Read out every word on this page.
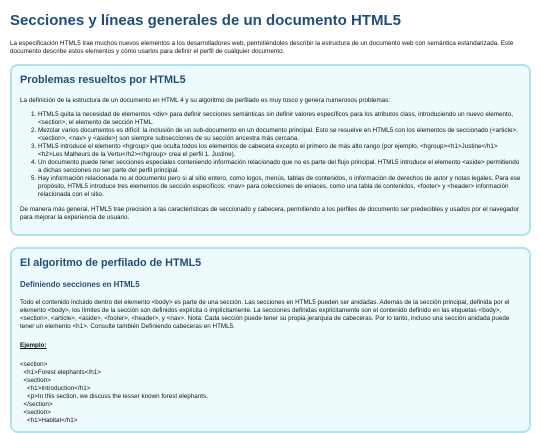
Secciones y líneas generales de un documento HTML5

La especificación HTML5 trae muchos nuevos elementos a los desarrolladores web, permitiéndoles describir la estructura de un documento web con semántica estandarizada. Este documento describe estos elementos y cómo usarlos para definir el perfil de cualquier documento.

Problemas resueltos por HTML5

La definición de la estructura de un documento en HTML 4 y su algoritmo de perfilado es muy tosco y genera numerosos problemas:

1. HTML5 quita la necesidad de elementos <div> para definir secciones semánticas sin definir valores específicos para los atributos class, introduciendo un nuevo elemento, <section>, el elemento de sección HTML.
2. Mezclar varios documentos es difícil: la inclusión de un sub-documento en un documento principal. Esto se resuelve en HTML5 con los elementos de seccionado (<article>, <section>, <nav> y <aside>) son siempre subsecciones de su sección ancestra más cercana.
3. HTML5 introduce el elemento <hgroup> que oculta todos los elementos de cabecera excepto el primero de más alto rango (por ejemplo, <hgroup><h1>Justine</h1><h2>Les Malheurs de la Vertu</h2></hgroup> crea el perfil 1. Justine).
4. Un documento puede tener secciones especiales conteniendo información relacionado que no es parte del flujo principal. HTML5 introduce el elemento <aside> permitiendo a dichas secciones no ser parte del perfil principal.
5. Hay información relacionada no al documento pero si al sitio entero, como logos, menús, tablas de contenidos, o información de derechos de autor y notas legales. Para ese propósito, HTML5 introduce tres elementos de sección específicos: <nav> para colecciones de enlaces, como una tabla de contenidos, <footer> y <header> información relacionada con el sitio.

De manera más general, HTML5 trae precisión a las características de seccionado y cabecera, permitiendo a los perfiles de documento ser predecibles y usados por el navegador para mejorar la experiencia de usuario.

El algoritmo de perfilado de HTML5
Definiendo secciones en HTML5

Todo el contenido incluido dentro del elemento <body> es parte de una sección. Las secciones en HTML5 pueden ser anidadas. Además de la sección principal, definida por el elemento <body>, los límites de la sección son definidos explícita o implícitamente. La secciones definidas explícitamente son el contenido definido en las etiquetas <body>, <section>, <article>, <aside>, <footer>, <header>, y <nav>. Nota: Cada sección puede tener su propia jerarquía de cabeceras. Por lo tanto, incluso una sección anidada puede tener un elemento <h1>. Consulte también Definiendo cabeceras en HTML5.

Ejemplo:
<section>
<h1>Forest elephants</h1>
<section>
<h1>Introduction</h1>
<p>In this section, we discuss the lesser known forest elephants.
</section>
<section>
<h1>Habitat</h1>
